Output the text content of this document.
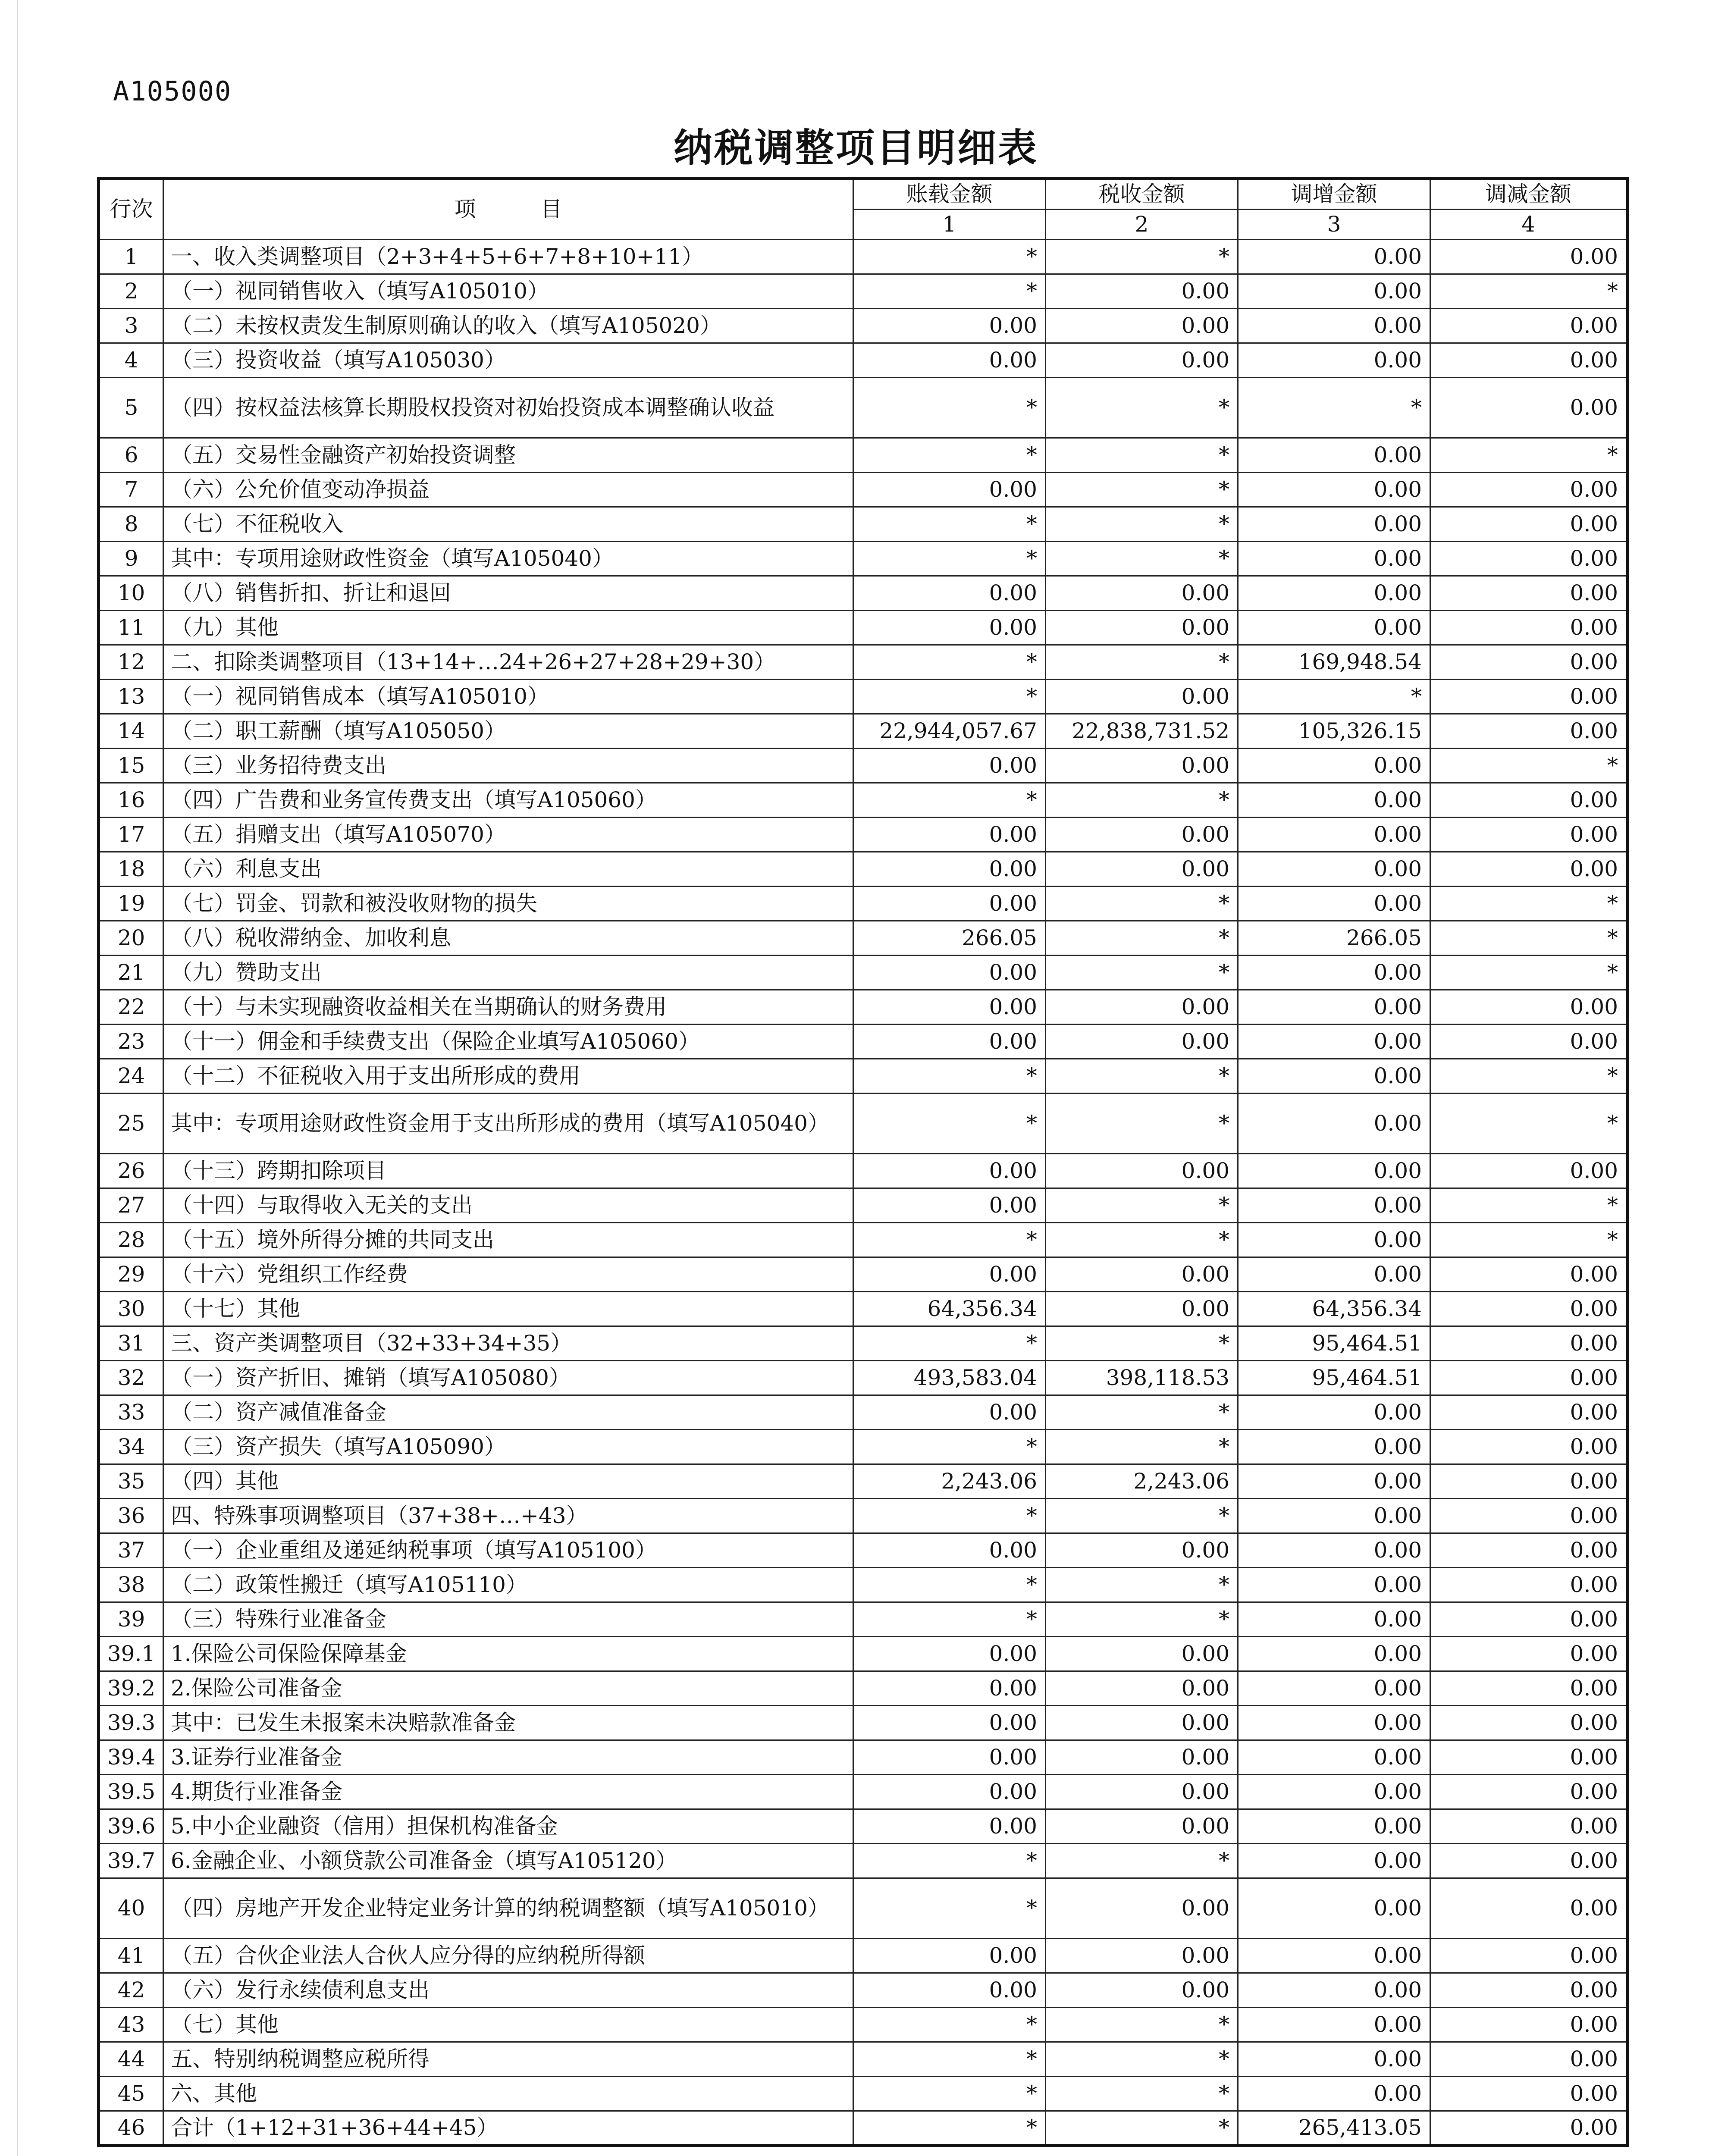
A105000
纳税调整项目明细表
行次	项　　　目	账载金额	税收金额	调增金额	调减金额
		1	2	3	4
1	一、收入类调整项目（2+3+4+5+6+7+8+10+11）	*	*	0.00	0.00
2	（一）视同销售收入（填写A105010）	*	0.00	0.00	*
3	（二）未按权责发生制原则确认的收入（填写A105020）	0.00	0.00	0.00	0.00
4	（三）投资收益（填写A105030）	0.00	0.00	0.00	0.00
5	（四）按权益法核算长期股权投资对初始投资成本调整确认收益	*	*	*	0.00
6	（五）交易性金融资产初始投资调整	*	*	0.00	*
7	（六）公允价值变动净损益	0.00	*	0.00	0.00
8	（七）不征税收入	*	*	0.00	0.00
9	其中：专项用途财政性资金（填写A105040）	*	*	0.00	0.00
10	（八）销售折扣、折让和退回	0.00	0.00	0.00	0.00
11	（九）其他	0.00	0.00	0.00	0.00
12	二、扣除类调整项目（13+14+…24+26+27+28+29+30）	*	*	169,948.54	0.00
13	（一）视同销售成本（填写A105010）	*	0.00	*	0.00
14	（二）职工薪酬（填写A105050）	22,944,057.67	22,838,731.52	105,326.15	0.00
15	（三）业务招待费支出	0.00	0.00	0.00	*
16	（四）广告费和业务宣传费支出（填写A105060）	*	*	0.00	0.00
17	（五）捐赠支出（填写A105070）	0.00	0.00	0.00	0.00
18	（六）利息支出	0.00	0.00	0.00	0.00
19	（七）罚金、罚款和被没收财物的损失	0.00	*	0.00	*
20	（八）税收滞纳金、加收利息	266.05	*	266.05	*
21	（九）赞助支出	0.00	*	0.00	*
22	（十）与未实现融资收益相关在当期确认的财务费用	0.00	0.00	0.00	0.00
23	（十一）佣金和手续费支出（保险企业填写A105060）	0.00	0.00	0.00	0.00
24	（十二）不征税收入用于支出所形成的费用	*	*	0.00	*
25	其中：专项用途财政性资金用于支出所形成的费用（填写A105040）	*	*	0.00	*
26	（十三）跨期扣除项目	0.00	0.00	0.00	0.00
27	（十四）与取得收入无关的支出	0.00	*	0.00	*
28	（十五）境外所得分摊的共同支出	*	*	0.00	*
29	（十六）党组织工作经费	0.00	0.00	0.00	0.00
30	（十七）其他	64,356.34	0.00	64,356.34	0.00
31	三、资产类调整项目（32+33+34+35）	*	*	95,464.51	0.00
32	（一）资产折旧、摊销（填写A105080）	493,583.04	398,118.53	95,464.51	0.00
33	（二）资产减值准备金	0.00	*	0.00	0.00
34	（三）资产损失（填写A105090）	*	*	0.00	0.00
35	（四）其他	2,243.06	2,243.06	0.00	0.00
36	四、特殊事项调整项目（37+38+…+43）	*	*	0.00	0.00
37	（一）企业重组及递延纳税事项（填写A105100）	0.00	0.00	0.00	0.00
38	（二）政策性搬迁（填写A105110）	*	*	0.00	0.00
39	（三）特殊行业准备金	*	*	0.00	0.00
39.1	1.保险公司保险保障基金	0.00	0.00	0.00	0.00
39.2	2.保险公司准备金	0.00	0.00	0.00	0.00
39.3	其中：已发生未报案未决赔款准备金	0.00	0.00	0.00	0.00
39.4	3.证券行业准备金	0.00	0.00	0.00	0.00
39.5	4.期货行业准备金	0.00	0.00	0.00	0.00
39.6	5.中小企业融资（信用）担保机构准备金	0.00	0.00	0.00	0.00
39.7	6.金融企业、小额贷款公司准备金（填写A105120）	*	*	0.00	0.00
40	（四）房地产开发企业特定业务计算的纳税调整额（填写A105010）	*	0.00	0.00	0.00
41	（五）合伙企业法人合伙人应分得的应纳税所得额	0.00	0.00	0.00	0.00
42	（六）发行永续债利息支出	0.00	0.00	0.00	0.00
43	（七）其他	*	*	0.00	0.00
44	五、特别纳税调整应税所得	*	*	0.00	0.00
45	六、其他	*	*	0.00	0.00
46	合计（1+12+31+36+44+45）	*	*	265,413.05	0.00
